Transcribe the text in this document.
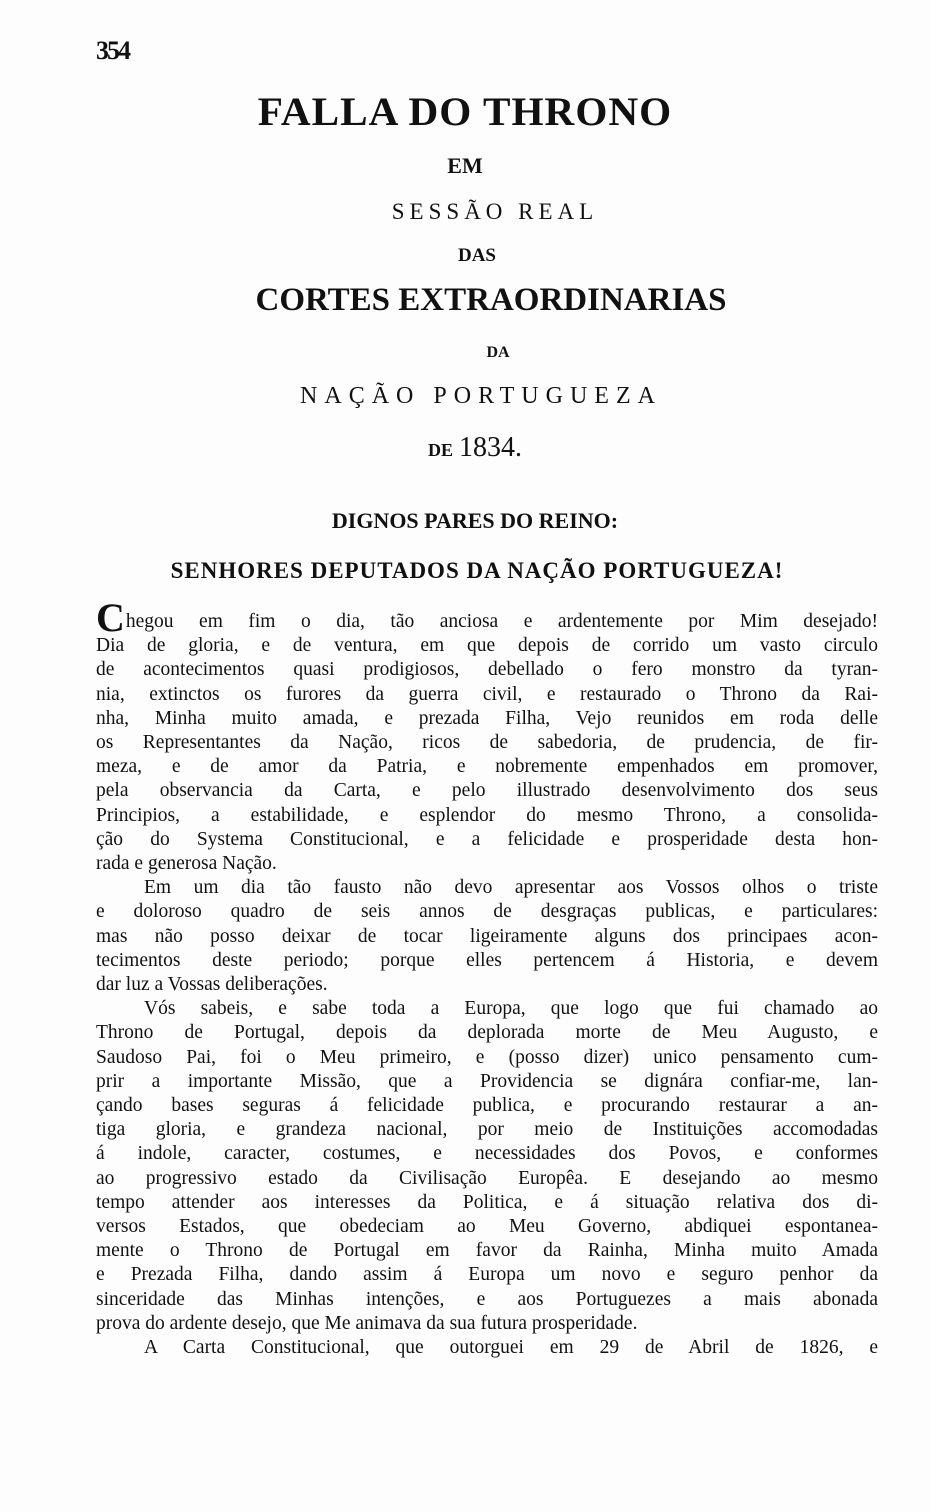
354
FALLA DO THRONO
EM
SESSÃO REAL
DAS
CORTES EXTRAORDINARIAS
DA
NAÇÃO PORTUGUEZA
DE 1834.
DIGNOS PARES DO REINO:
SENHORES DEPUTADOS DA NAÇÃO PORTUGUEZA!
Chegou em fim o dia, tão anciosa e ardentemente por Mim desejado!
Dia de gloria, e de ventura, em que depois de corrido um vasto circulo
de acontecimentos quasi prodigiosos, debellado o fero monstro da tyran-
nia, extinctos os furores da guerra civil, e restaurado o Throno da Rai-
nha, Minha muito amada, e prezada Filha, Vejo reunidos em roda delle
os Representantes da Nação, ricos de sabedoria, de prudencia, de fir-
meza, e de amor da Patria, e nobremente empenhados em promover,
pela observancia da Carta, e pelo illustrado desenvolvimento dos seus
Principios, a estabilidade, e esplendor do mesmo Throno, a consolida-
ção do Systema Constitucional, e a felicidade e prosperidade desta hon-
rada e generosa Nação.
Em um dia tão fausto não devo apresentar aos Vossos olhos o triste
e doloroso quadro de seis annos de desgraças publicas, e particulares:
mas não posso deixar de tocar ligeiramente alguns dos principaes acon-
tecimentos deste periodo; porque elles pertencem á Historia, e devem
dar luz a Vossas deliberações.
Vós sabeis, e sabe toda a Europa, que logo que fui chamado ao
Throno de Portugal, depois da deplorada morte de Meu Augusto, e
Saudoso Pai, foi o Meu primeiro, e (posso dizer) unico pensamento cum-
prir a importante Missão, que a Providencia se dignára confiar-me, lan-
çando bases seguras á felicidade publica, e procurando restaurar a an-
tiga gloria, e grandeza nacional, por meio de Instituições accomodadas
á indole, caracter, costumes, e necessidades dos Povos, e conformes
ao progressivo estado da Civilisação Europêa. E desejando ao mesmo
tempo attender aos interesses da Politica, e á situação relativa dos di-
versos Estados, que obedeciam ao Meu Governo, abdiquei espontanea-
mente o Throno de Portugal em favor da Rainha, Minha muito Amada
e Prezada Filha, dando assim á Europa um novo e seguro penhor da
sinceridade das Minhas intenções, e aos Portuguezes a mais abonada
prova do ardente desejo, que Me animava da sua futura prosperidade.
A Carta Constitucional, que outorguei em 29 de Abril de 1826, e
